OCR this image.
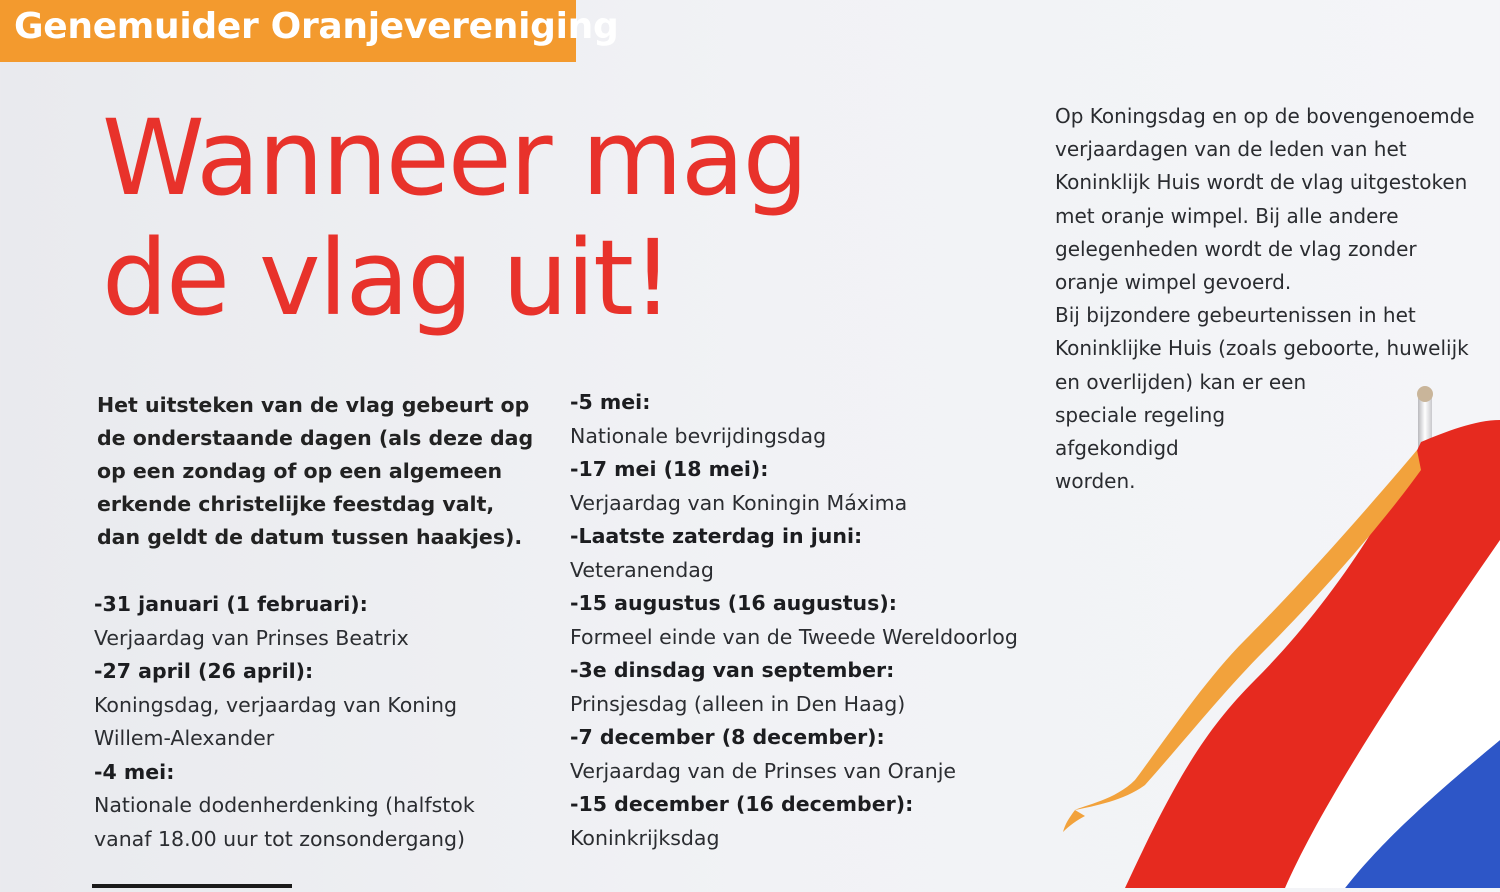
Genemuider Oranjevereniging
Wanneer mag
de vlag uit!

Het uitsteken van de vlag gebeurt op de onderstaande dagen (als deze dag op een zondag of op een algemeen erkende christelijke feestdag valt, dan geldt de datum tussen haakjes).

-31 januari (1 februari):
Verjaardag van Prinses Beatrix
-27 april (26 april):
Koningsdag, verjaardag van Koning
Willem-Alexander
-4 mei:
Nationale dodenherdenking (halfstok
vanaf 18.00 uur tot zonsondergang)
-5 mei:
Nationale bevrijdingsdag
-17 mei (18 mei):
Verjaardag van Koningin Máxima
-Laatste zaterdag in juni:
Veteranendag
-15 augustus (16 augustus):
Formeel einde van de Tweede Wereldoorlog
-3e dinsdag van september:
Prinsjesdag (alleen in Den Haag)
-7 december (8 december):
Verjaardag van de Prinses van Oranje
-15 december (16 december):
Koninkrijksdag
Op Koningsdag en op de bovengenoemde
verjaardagen van de leden van het
Koninklijk Huis wordt de vlag uitgestoken
met oranje wimpel. Bij alle andere
gelegenheden wordt de vlag zonder
oranje wimpel gevoerd.
Bij bijzondere gebeurtenissen in het
Koninklijke Huis (zoals geboorte, huwelijk
en overlijden) kan er een
speciale regeling
afgekondigd
worden.
